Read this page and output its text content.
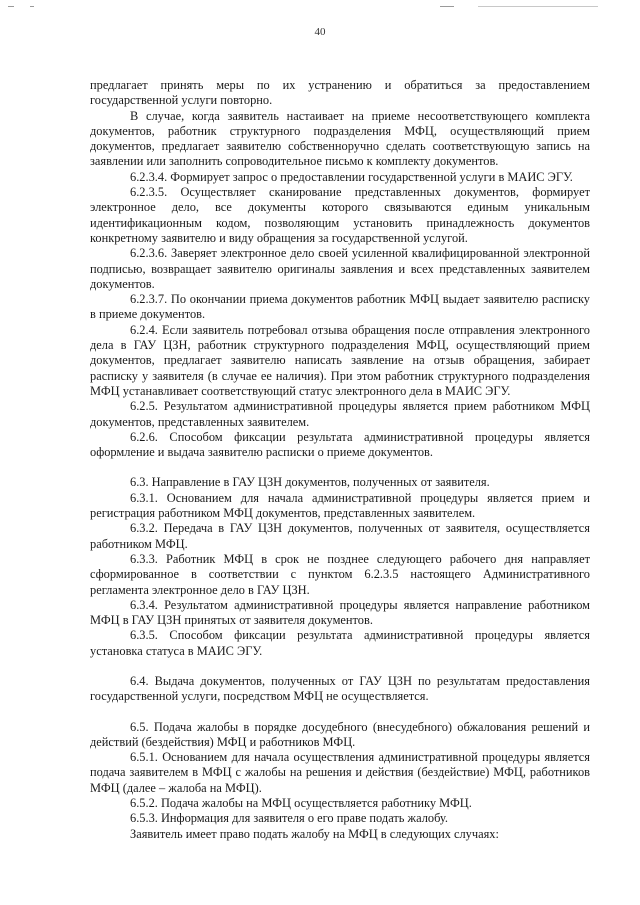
40

предлагает принять меры по их устранению и обратиться за предоставлением государственной услуги повторно.

В случае, когда заявитель настаивает на приеме несоответствующего комплекта документов, работник структурного подразделения МФЦ, осуществляющий прием документов, предлагает заявителю собственноручно сделать соответствующую запись на заявлении или заполнить сопроводительное письмо к комплекту документов.

6.2.3.4. Формирует запрос о предоставлении государственной услуги в МАИС ЭГУ.

6.2.3.5. Осуществляет сканирование представленных документов, формирует электронное дело, все документы которого связываются единым уникальным идентификационным кодом, позволяющим установить принадлежность документов конкретному заявителю и виду обращения за государственной услугой.

6.2.3.6. Заверяет электронное дело своей усиленной квалифицированной электронной подписью, возвращает заявителю оригиналы заявления и всех представленных заявителем документов.

6.2.3.7. По окончании приема документов работник МФЦ выдает заявителю расписку в приеме документов.

6.2.4. Если заявитель потребовал отзыва обращения после отправления электронного дела в ГАУ ЦЗН, работник структурного подразделения МФЦ, осуществляющий прием документов, предлагает заявителю написать заявление на отзыв обращения, забирает расписку у заявителя (в случае ее наличия). При этом работник структурного подразделения МФЦ устанавливает соответствующий статус электронного дела в МАИС ЭГУ.

6.2.5. Результатом административной процедуры является прием работником МФЦ документов, представленных заявителем.

6.2.6. Способом фиксации результата административной процедуры является оформление и выдача заявителю расписки о приеме документов.

6.3. Направление в ГАУ ЦЗН документов, полученных от заявителя.

6.3.1. Основанием для начала административной процедуры является прием и регистрация работником МФЦ документов, представленных заявителем.

6.3.2. Передача в ГАУ ЦЗН документов, полученных от заявителя, осуществляется работником МФЦ.

6.3.3. Работник МФЦ в срок не позднее следующего рабочего дня направляет сформированное в соответствии с пунктом 6.2.3.5 настоящего Административного регламента электронное дело в ГАУ ЦЗН.

6.3.4. Результатом административной процедуры является направление работником МФЦ в ГАУ ЦЗН принятых от заявителя документов.

6.3.5. Способом фиксации результата административной процедуры является установка статуса в МАИС ЭГУ.

6.4. Выдача документов, полученных от ГАУ ЦЗН по результатам предоставления государственной услуги, посредством МФЦ не осуществляется.

6.5. Подача жалобы в порядке досудебного (внесудебного) обжалования решений и действий (бездействия) МФЦ и работников МФЦ.

6.5.1. Основанием для начала осуществления административной процедуры является подача заявителем в МФЦ с жалобы на решения и действия (бездействие) МФЦ, работников МФЦ (далее – жалоба на МФЦ).

6.5.2. Подача жалобы на МФЦ осуществляется работнику МФЦ.

6.5.3. Информация для заявителя о его праве подать жалобу.

Заявитель имеет право подать жалобу на МФЦ в следующих случаях:
